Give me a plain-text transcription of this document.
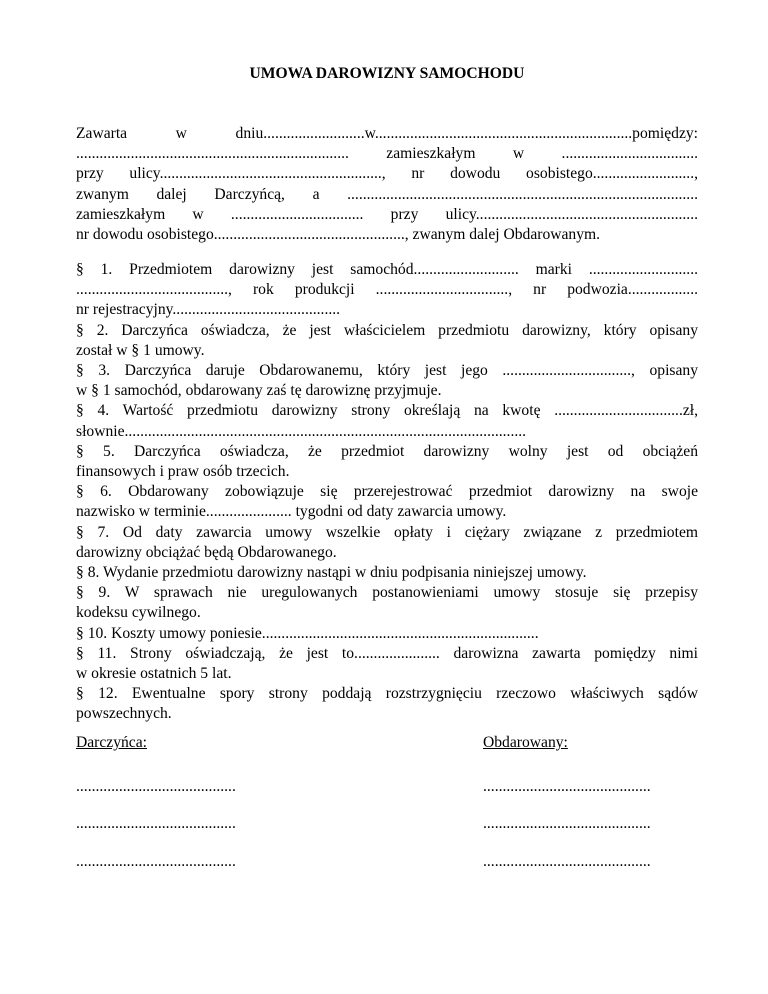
UMOWA DAROWIZNY SAMOCHODU
Zawarta w dniu..........................w..................................................................pomiędzy:
...................................................................... zamieszkałym w ...................................
przy ulicy........................................................., nr dowodu osobistego..........................,
zwanym dalej Darczyńcą, a ..........................................................................................
zamieszkałym w .................................. przy ulicy.........................................................
nr dowodu osobistego................................................., zwanym dalej Obdarowanym.
§ 1. Przedmiotem darowizny jest samochód........................... marki ............................
......................................., rok produkcji .................................., nr podwozia..................
nr rejestracyjny...........................................
§ 2. Darczyńca oświadcza, że jest właścicielem przedmiotu darowizny, który opisany
został w § 1 umowy.
§ 3. Darczyńca daruje Obdarowanemu, który jest jego ................................., opisany
w § 1 samochód, obdarowany zaś tę darowiznę przyjmuje.
§ 4. Wartość przedmiotu darowizny strony określają na kwotę .................................zł,
słownie.......................................................................................................
§ 5. Darczyńca oświadcza, że przedmiot darowizny wolny jest od obciążeń
finansowych i praw osób trzecich.
§ 6. Obdarowany zobowiązuje się przerejestrować przedmiot darowizny na swoje
nazwisko w terminie...................... tygodni od daty zawarcia umowy.
§ 7. Od daty zawarcia umowy wszelkie opłaty i ciężary związane z przedmiotem
darowizny obciążać będą Obdarowanego.
§ 8. Wydanie przedmiotu darowizny nastąpi w dniu podpisania niniejszej umowy.
§ 9. W sprawach nie uregulowanych postanowieniami umowy stosuje się przepisy
kodeksu cywilnego.
§ 10. Koszty umowy poniesie.......................................................................
§ 11. Strony oświadczają, że jest to...................... darowizna zawarta pomiędzy nimi
w okresie ostatnich 5 lat.
§ 12. Ewentualne spory strony poddają rozstrzygnięciu rzeczowo właściwych sądów
powszechnych.
Darczyńca:
.........................................
.........................................
.........................................
Obdarowany:
...........................................
...........................................
...........................................
